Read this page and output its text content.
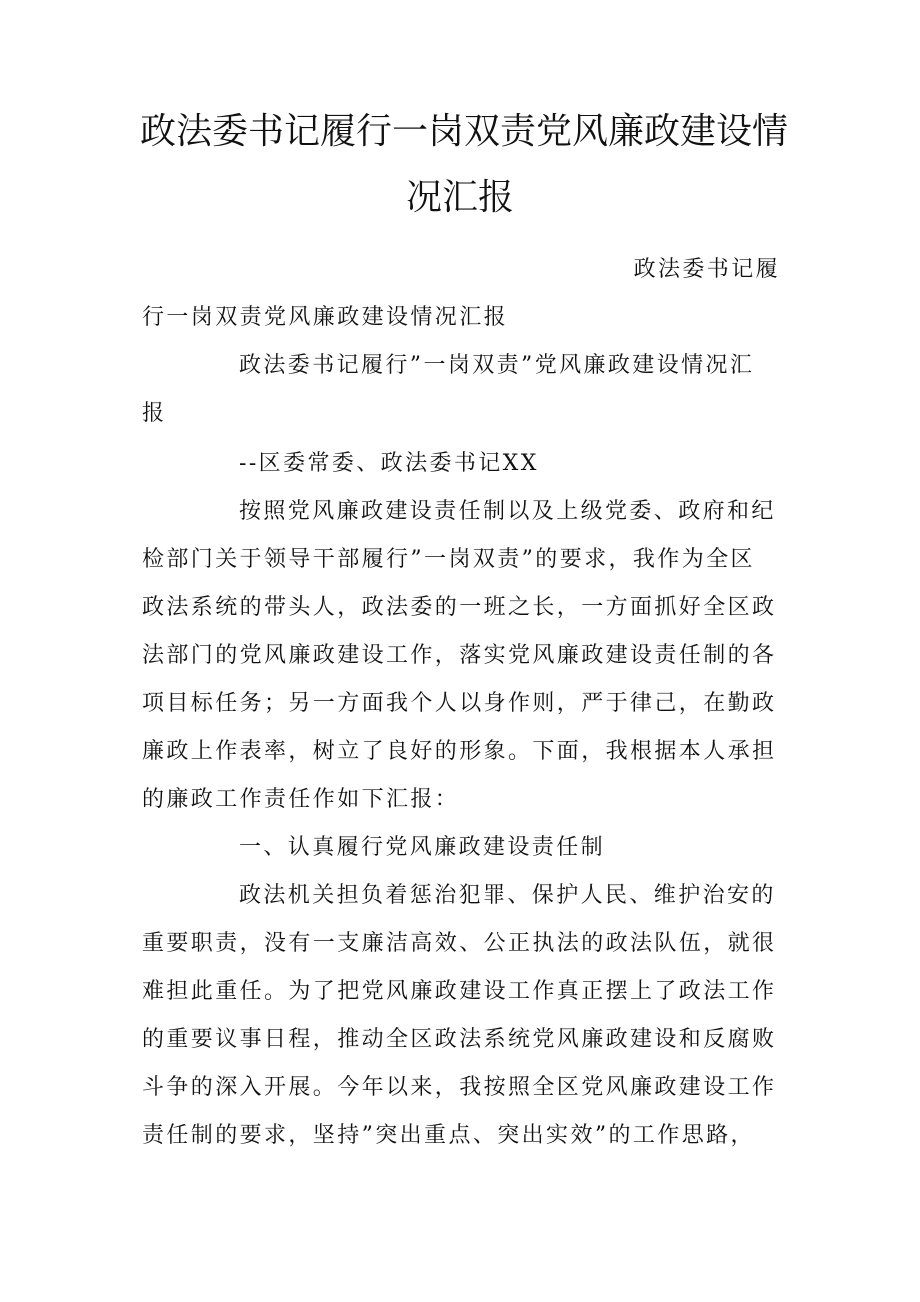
政法委书记履行一岗双责党风廉政建设情
况汇报
政法委书记履
行一岗双责党风廉政建设情况汇报
政法委书记履行”一岗双责”党风廉政建设情况汇
报
--区委常委、政法委书记XX
按照党风廉政建设责任制以及上级党委、政府和纪
检部门关于领导干部履行”一岗双责”的要求，我作为全区
政法系统的带头人，政法委的一班之长，一方面抓好全区政
法部门的党风廉政建设工作，落实党风廉政建设责任制的各
项目标任务；另一方面我个人以身作则，严于律己，在勤政
廉政上作表率，树立了良好的形象。下面，我根据本人承担
的廉政工作责任作如下汇报：
一、认真履行党风廉政建设责任制
政法机关担负着惩治犯罪、保护人民、维护治安的
重要职责，没有一支廉洁高效、公正执法的政法队伍，就很
难担此重任。为了把党风廉政建设工作真正摆上了政法工作
的重要议事日程，推动全区政法系统党风廉政建设和反腐败
斗争的深入开展。今年以来，我按照全区党风廉政建设工作
责任制的要求，坚持”突出重点、突出实效”的工作思路，
